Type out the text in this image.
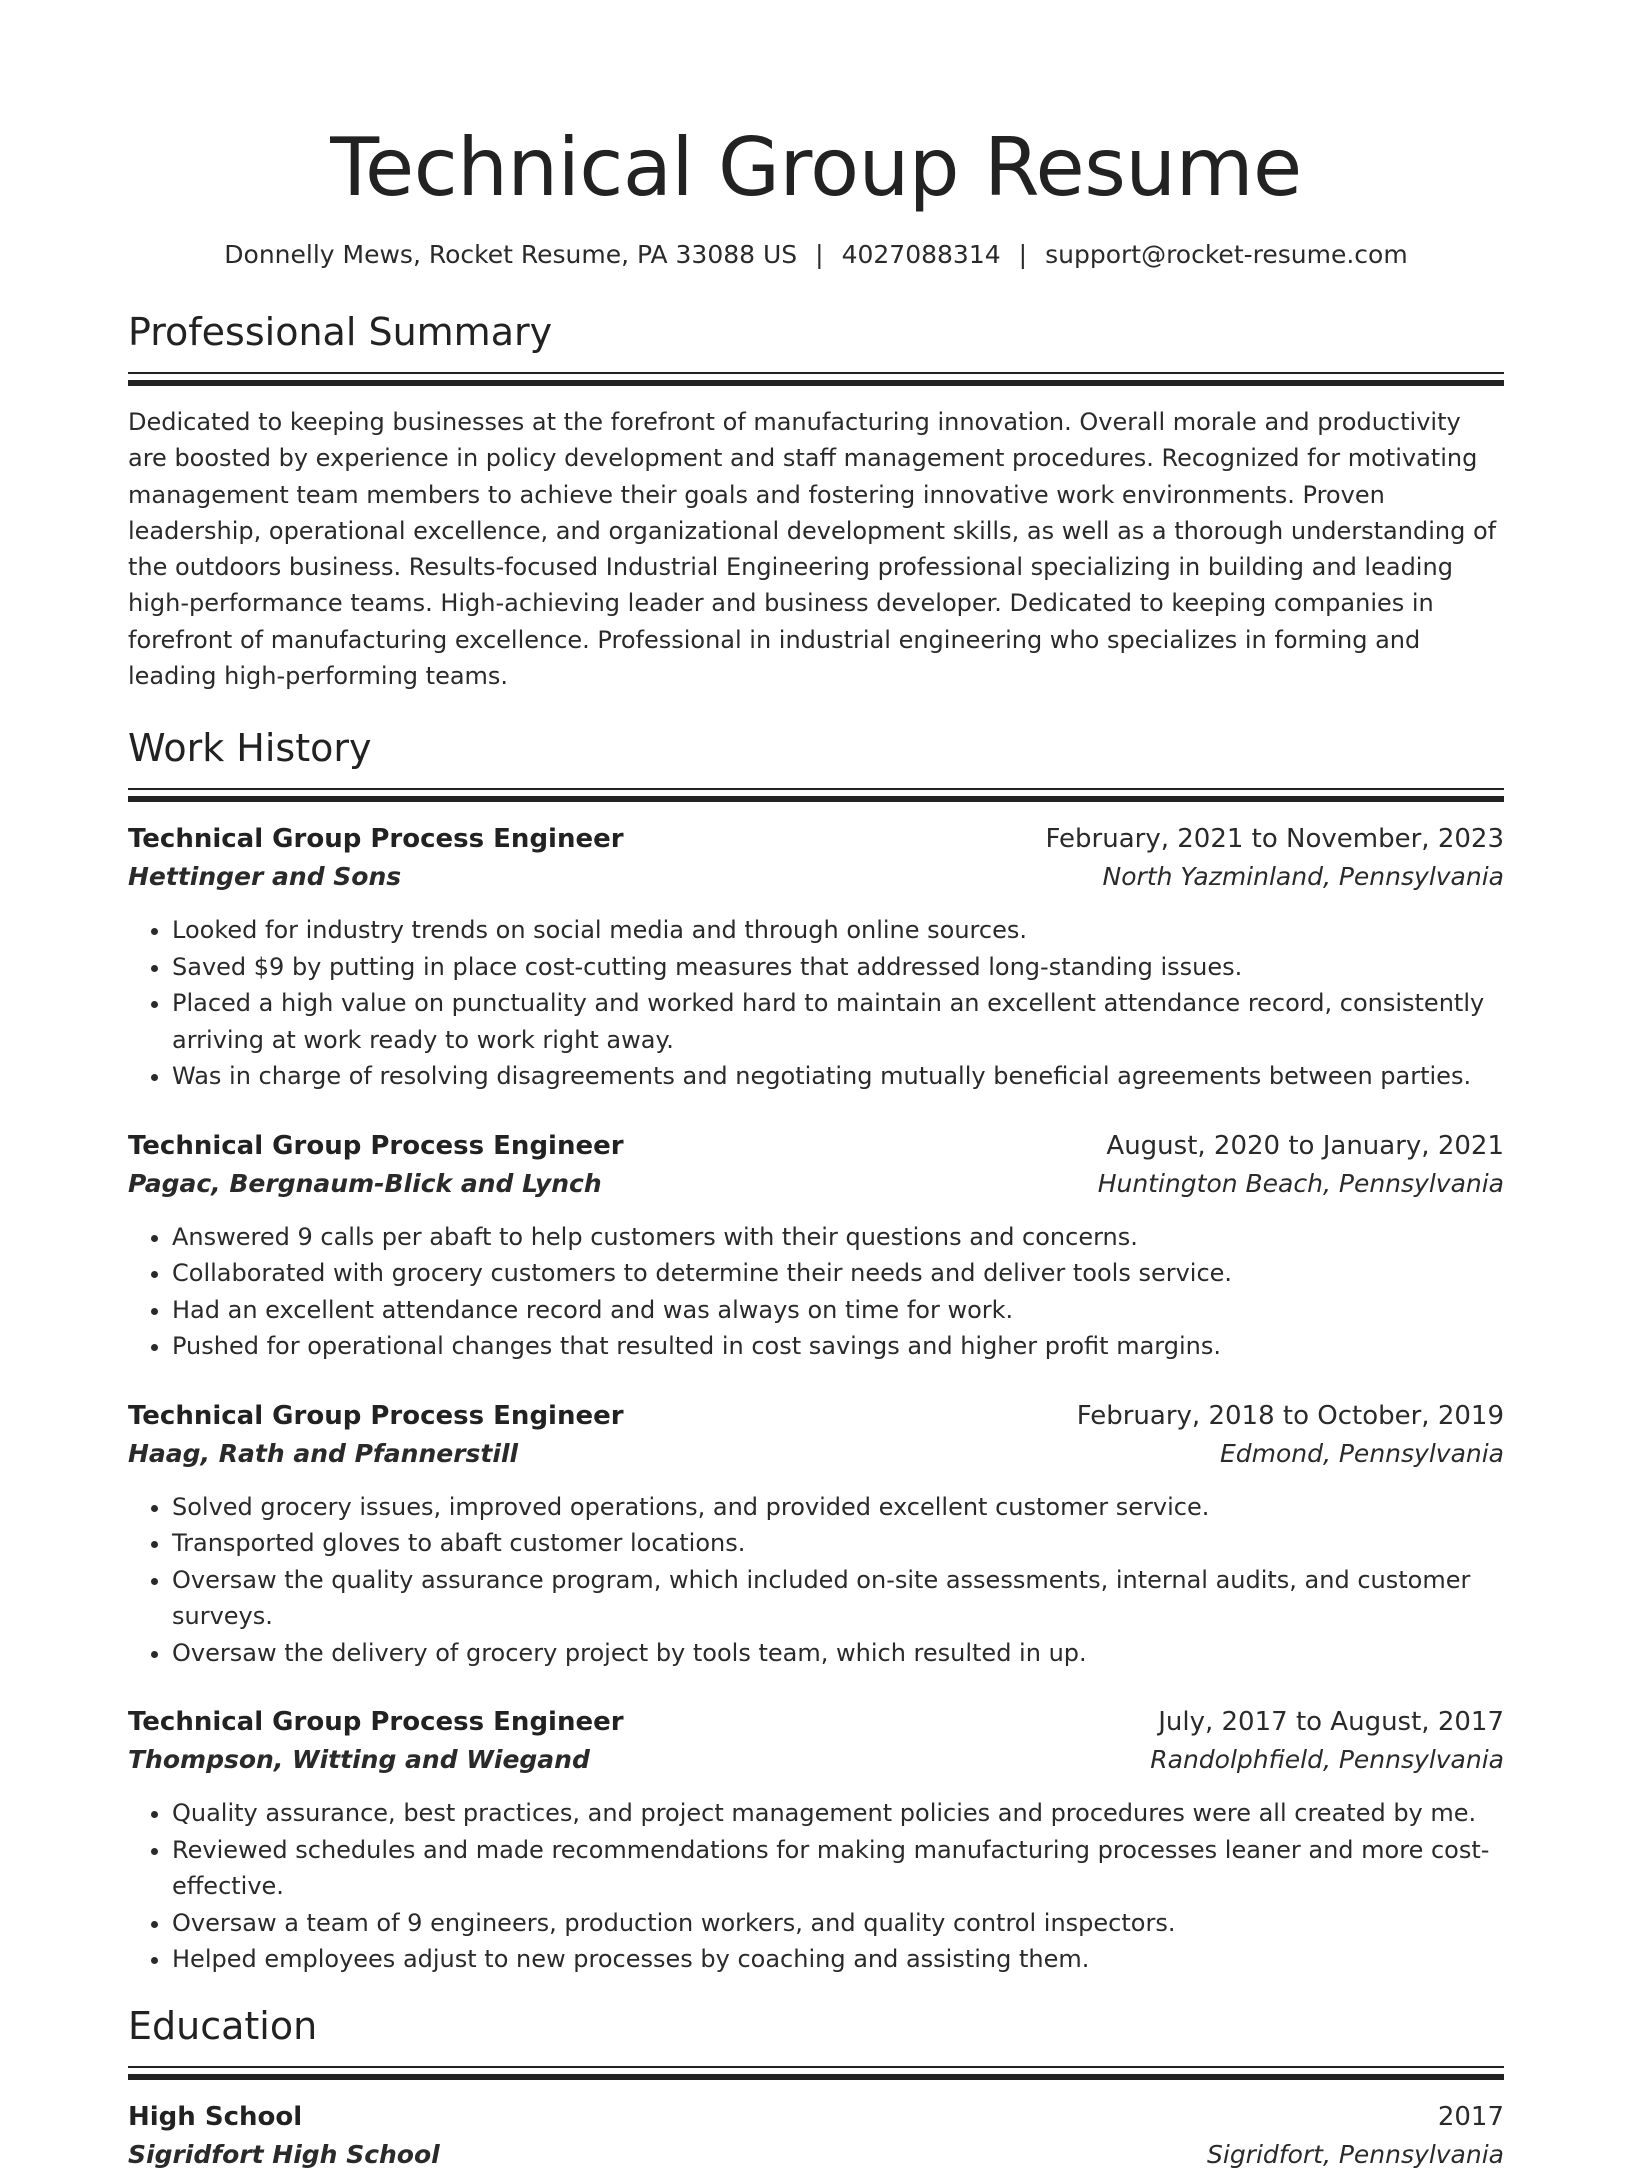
Technical Group Resume
Donnelly Mews, Rocket Resume, PA 33088 US | 4027088314 | support@rocket-resume.com
Professional Summary

Dedicated to keeping businesses at the forefront of manufacturing innovation. Overall morale and productivity are boosted by experience in policy development and staff management procedures. Recognized for motivating management team members to achieve their goals and fostering innovative work environments. Proven leadership, operational excellence, and organizational development skills, as well as a thorough understanding of the outdoors business. Results-focused Industrial Engineering professional specializing in building and leading high-performance teams. High-achieving leader and business developer. Dedicated to keeping companies in forefront of manufacturing excellence. Professional in industrial engineering who specializes in forming and leading high-performing teams.

Work History
Technical Group Process Engineer	February, 2021 to November, 2023
Hettinger and Sons	North Yazminland, Pennsylvania
• Looked for industry trends on social media and through online sources.
• Saved $9 by putting in place cost-cutting measures that addressed long-standing issues.
• Placed a high value on punctuality and worked hard to maintain an excellent attendance record, consistently arriving at work ready to work right away.
• Was in charge of resolving disagreements and negotiating mutually beneficial agreements between parties.
Technical Group Process Engineer	August, 2020 to January, 2021
Pagac, Bergnaum-Blick and Lynch	Huntington Beach, Pennsylvania
• Answered 9 calls per abaft to help customers with their questions and concerns.
• Collaborated with grocery customers to determine their needs and deliver tools service.
• Had an excellent attendance record and was always on time for work.
• Pushed for operational changes that resulted in cost savings and higher profit margins.
Technical Group Process Engineer	February, 2018 to October, 2019
Haag, Rath and Pfannerstill	Edmond, Pennsylvania
• Solved grocery issues, improved operations, and provided excellent customer service.
• Transported gloves to abaft customer locations.
• Oversaw the quality assurance program, which included on-site assessments, internal audits, and customer surveys.
• Oversaw the delivery of grocery project by tools team, which resulted in up.
Technical Group Process Engineer	July, 2017 to August, 2017
Thompson, Witting and Wiegand	Randolphfield, Pennsylvania
• Quality assurance, best practices, and project management policies and procedures were all created by me.
• Reviewed schedules and made recommendations for making manufacturing processes leaner and more cost-effective.
• Oversaw a team of 9 engineers, production workers, and quality control inspectors.
• Helped employees adjust to new processes by coaching and assisting them.
Education
High School	2017
Sigridfort High School	Sigridfort, Pennsylvania
